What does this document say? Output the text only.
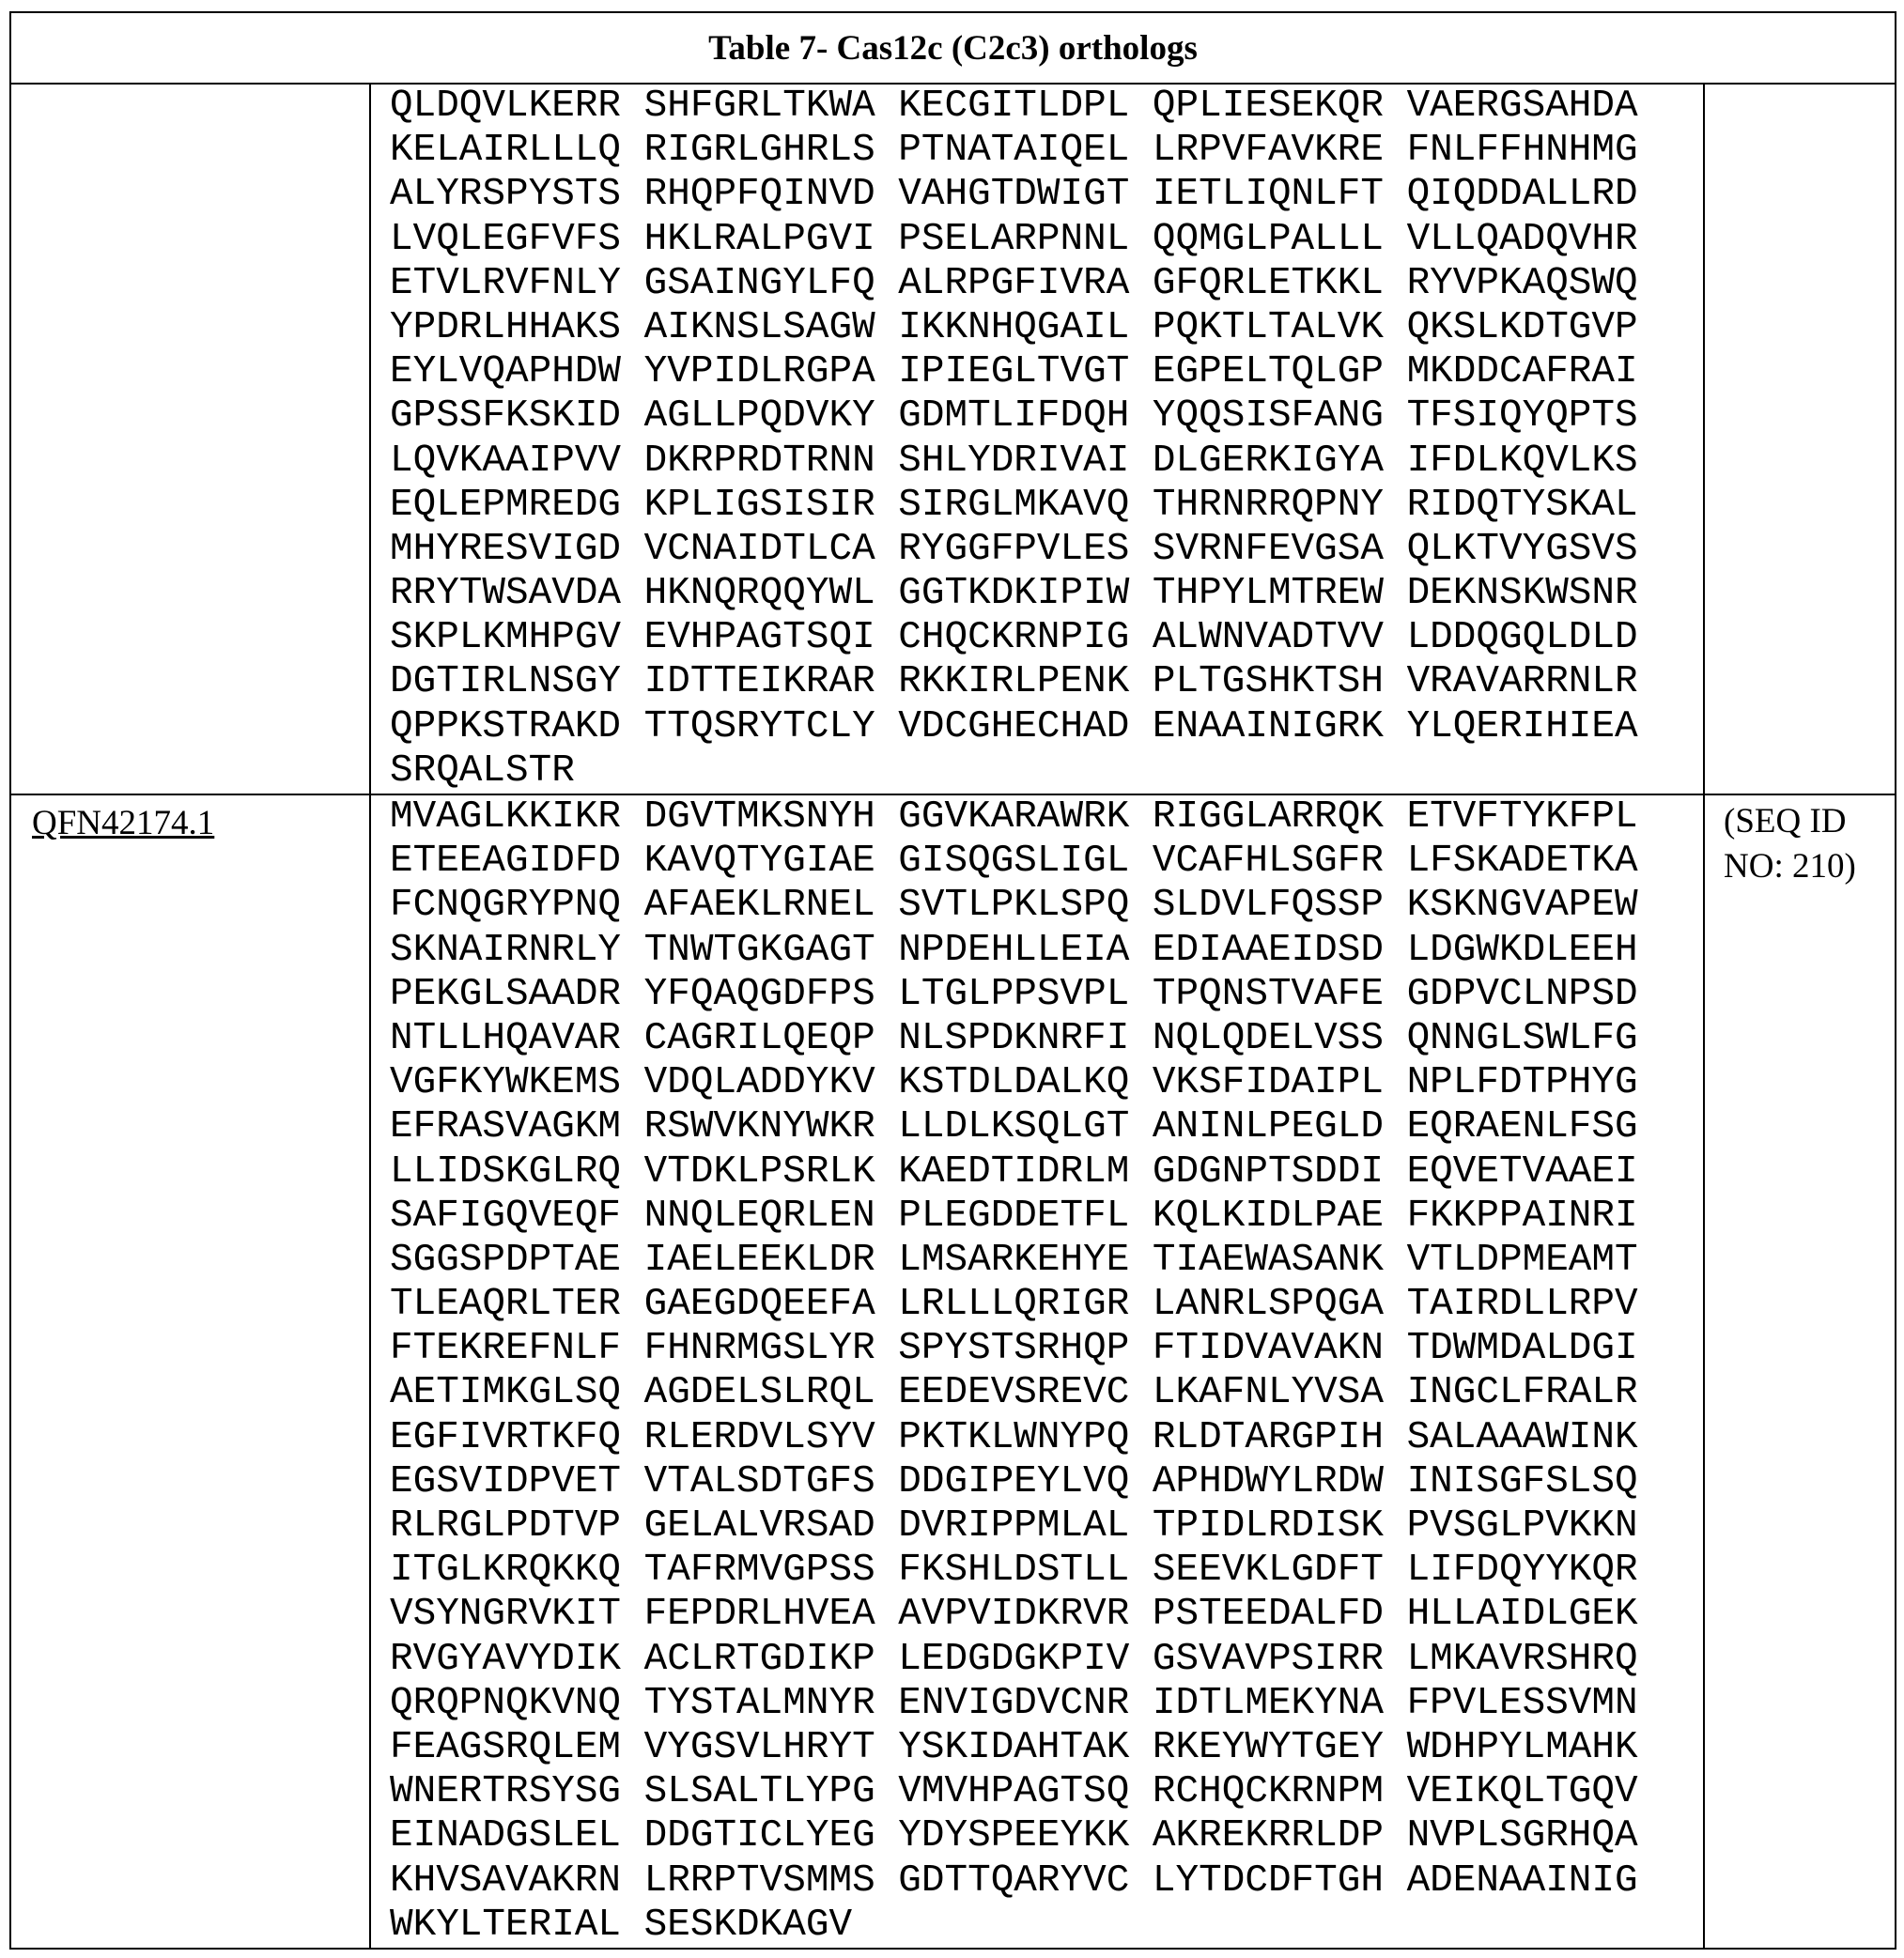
Table 7- Cas12c (C2c3) orthologs

QLDQVLKERR SHFGRLTKWA KECGITLDPL QPLIESEKQR VAERGSAHDA
KELAIRLLLQ RIGRLGHRLS PTNATAIQEL LRPVFAVKRE FNLFFHNHMG
ALYRSPYSTS RHQPFQINVD VAHGTDWIGT IETLIQNLFT QIQDDALLRD
LVQLEGFVFS HKLRALPGVI PSELARPNNL QQMGLPALLL VLLQADQVHR
ETVLRVFNLY GSAINGYLFQ ALRPGFIVRA GFQRLETKKL RYVPKAQSWQ
YPDRLHHAKS AIKNSLSAGW IKKNHQGAIL PQKTLTALVK QKSLKDTGVP
EYLVQAPHDW YVPIDLRGPA IPIEGLTVGT EGPELTQLGP MKDDCAFRAI
GPSSFKSKID AGLLPQDVKY GDMTLIFDQH YQQSISFANG TFSIQYQPTS
LQVKAAIPVV DKRPRDTRNN SHLYDRIVAI DLGERKIGYA IFDLKQVLKS
EQLEPMREDG KPLIGSISIR SIRGLMKAVQ THRNRRQPNY RIDQTYSKAL
MHYRESVIGD VCNAIDTLCA RYGGFPVLES SVRNFEVGSA QLKTVYGSVS
RRYTWSAVDA HKNQRQQYWL GGTKDKIPIW THPYLMTREW DEKNSKWSNR
SKPLKMHPGV EVHPAGTSQI CHQCKRNPIG ALWNVADTVV LDDQGQLDLD
DGTIRLNSGY IDTTEIKRAR RKKIRLPENK PLTGSHKTSH VRAVARRNLR
QPPKSTRAKD TTQSRYTCLY VDCGHECHAD ENAAINIGRK YLQERIHIEA
SRQALSTR

QFN42174.1	MVAGLKKIKR DGVTMKSNYH GGVKARAWRK RIGGLARRQK ETVFTYKFPL
ETEEAGIDFD KAVQTYGIAE GISQGSLIGL VCAFHLSGFR LFSKADETKA
FCNQGRYPNQ AFAEKLRNEL SVTLPKLSPQ SLDVLFQSSP KSKNGVAPEW
SKNAIRNRLY TNWTGKGAGT NPDEHLLEIA EDIAAEIDSD LDGWKDLEEH
PEKGLSAADR YFQAQGDFPS LTGLPPSVPL TPQNSTVAFE GDPVCLNPSD
NTLLHQAVAR CAGRILQEQP NLSPDKNRFI NQLQDELVSS QNNGLSWLFG
VGFKYWKEMS VDQLADDYKV KSTDLDALKQ VKSFIDAIPL NPLFDTPHYG
EFRASVAGKM RSWVKNYWKR LLDLKSQLGT ANINLPEGLD EQRAENLFSG
LLIDSKGLRQ VTDKLPSRLK KAEDTIDRLM GDGNPTSDDI EQVETVAAEI
SAFIGQVEQF NNQLEQRLEN PLEGDDETFL KQLKIDLPAE FKKPPAINRI
SGGSPDPTAE IAELEEKLDR LMSARKEHYE TIAEWASANK VTLDPMEAMT
TLEAQRLTER GAEGDQEEFA LRLLLQRIGR LANRLSPQGA TAIRDLLRPV
FTEKREFNLF FHNRMGSLYR SPYSTSRHQP FTIDVAVAKN TDWMDALDGI
AETIMKGLSQ AGDELSLRQL EEDEVSREVC LKAFNLYVSA INGCLFRALR
EGFIVRTKFQ RLERDVLSYV PKTKLWNYPQ RLDTARGPIH SALAAAWINK
EGSVIDPVET VTALSDTGFS DDGIPEYLVQ APHDWYLRDW INISGFSLSQ
RLRGLPDTVP GELALVRSAD DVRIPPMLAL TPIDLRDISK PVSGLPVKKN
ITGLKRQKKQ TAFRMVGPSS FKSHLDSTLL SEEVKLGDFT LIFDQYYKQR
VSYNGRVKIT FEPDRLHVEA AVPVIDKRVR PSTEEDALFD HLLAIDLGEK
RVGYAVYDIK ACLRTGDIKP LEDGDGKPIV GSVAVPSIRR LMKAVRSHRQ
QRQPNQKVNQ TYSTALMNYR ENVIGDVCNR IDTLMEKYNA FPVLESSVMN
FEAGSRQLEM VYGSVLHRYT YSKIDAHTAK RKEYWYTGEY WDHPYLMAHK
WNERTRSYSG SLSALTLYPG VMVHPAGTSQ RCHQCKRNPM VEIKQLTGQV
EINADGSLEL DDGTICLYEG YDYSPEEYKK AKREKRRLDP NVPLSGRHQA
KHVSAVAKRN LRRPTVSMMS GDTTQARYVC LYTDCDFTGH ADENAAINIG
WKYLTERIAL SESKDKAGV
	(SEQ ID NO: 210)
